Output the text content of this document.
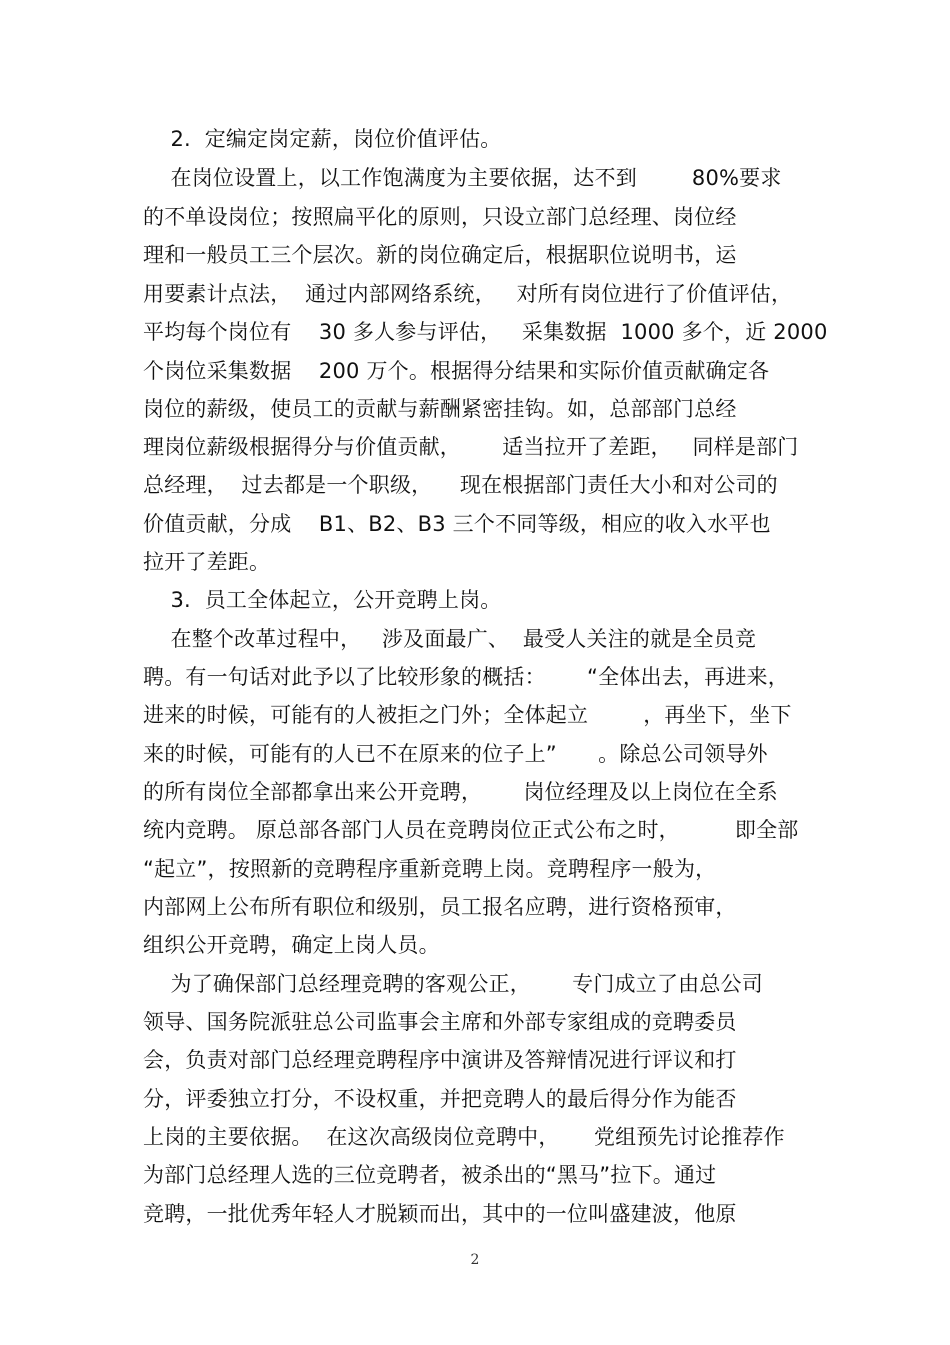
2.  定编定岗定薪，岗位价值评估。
在岗位设置上，以工作饱满度为主要依据，达不到        80%要求
的不单设岗位；按照扁平化的原则，只设立部门总经理、岗位经
理和一般员工三个层次。新的岗位确定后，根据职位说明书，运
用要素计点法，  通过内部网络系统，   对所有岗位进行了价值评估，
平均每个岗位有    30 多人参与评估，   采集数据  1000 多个，近 2000
个岗位采集数据    200 万个。根据得分结果和实际价值贡献确定各
岗位的薪级，使员工的贡献与薪酬紧密挂钩。如，总部部门总经
理岗位薪级根据得分与价值贡献，      适当拉开了差距，   同样是部门
总经理，  过去都是一个职级，    现在根据部门责任大小和对公司的
价值贡献，分成    B1、B2、B3 三个不同等级，相应的收入水平也
拉开了差距。
3.  员工全体起立，公开竞聘上岗。
在整个改革过程中，   涉及面最广、  最受人关注的就是全员竞
聘。有一句话对此予以了比较形象的概括：      “全体出去，再进来，
进来的时候，可能有的人被拒之门外；全体起立        ，再坐下，坐下
来的时候，可能有的人已不在原来的位子上”      。除总公司领导外
的所有岗位全部都拿出来公开竞聘，      岗位经理及以上岗位在全系
统内竞聘。 原总部各部门人员在竞聘岗位正式公布之时，        即全部
“起立”，按照新的竞聘程序重新竞聘上岗。竞聘程序一般为，
内部网上公布所有职位和级别，员工报名应聘，进行资格预审，
组织公开竞聘，确定上岗人员。
为了确保部门总经理竞聘的客观公正，      专门成立了由总公司
领导、国务院派驻总公司监事会主席和外部专家组成的竞聘委员
会，负责对部门总经理竞聘程序中演讲及答辩情况进行评议和打
分，评委独立打分，不设权重，并把竞聘人的最后得分作为能否
上岗的主要依据。  在这次高级岗位竞聘中，     党组预先讨论推荐作
为部门总经理人选的三位竞聘者，被杀出的“黑马”拉下。通过
竞聘，一批优秀年轻人才脱颖而出，其中的一位叫盛建波，他原
2
